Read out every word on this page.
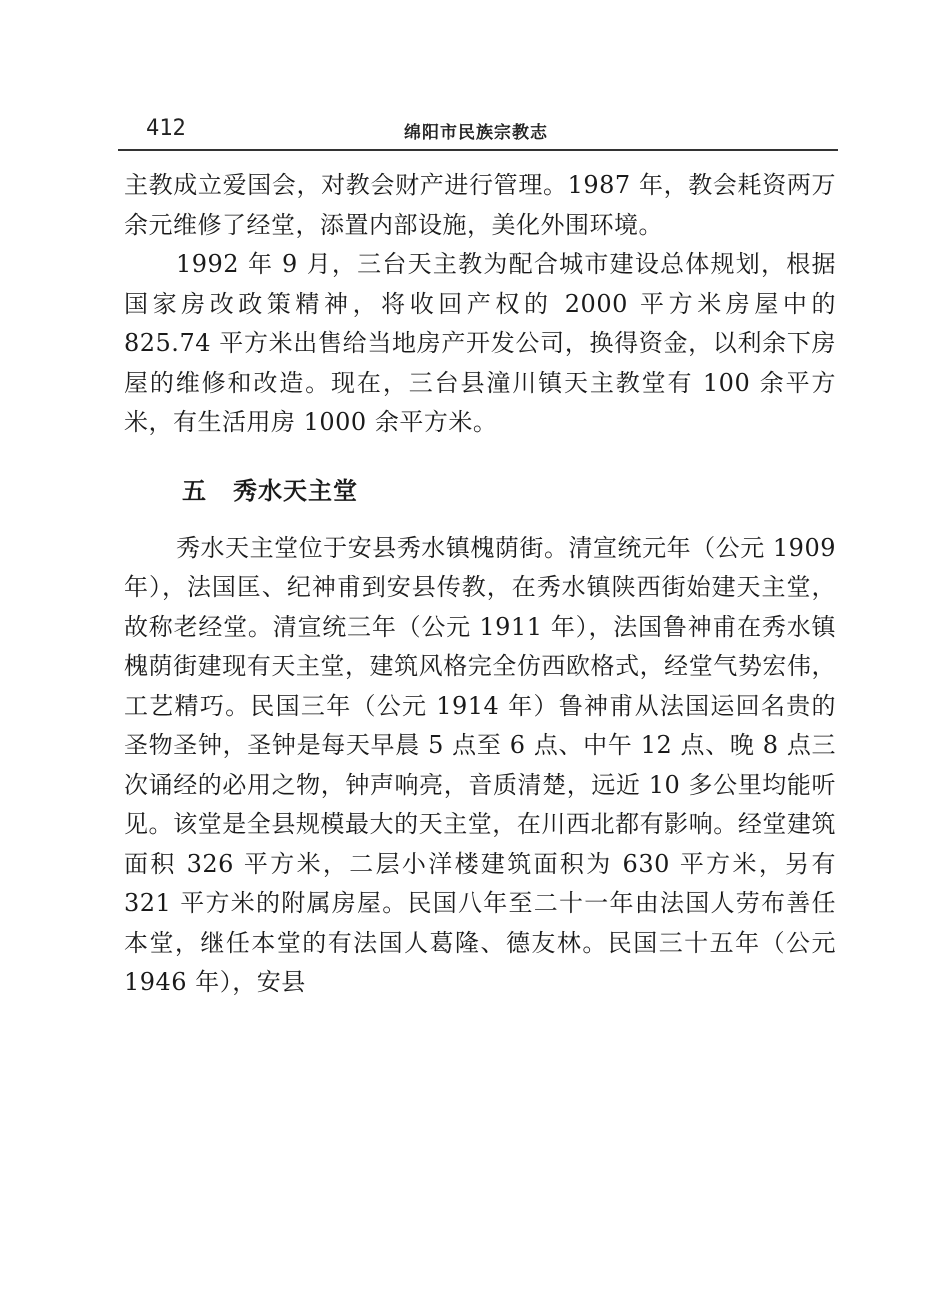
412	绵阳市民族宗教志

主教成立爱国会，对教会财产进行管理。1987 年，教会耗资两万余元维修了经堂，添置内部设施，美化外围环境。

1992 年 9 月，三台天主教为配合城市建设总体规划，根据国家房改政策精神，将收回产权的 2000 平方米房屋中的 825.74 平方米出售给当地房产开发公司，换得资金，以利余下房屋的维修和改造。现在，三台县潼川镇天主教堂有 100 余平方米，有生活用房 1000 余平方米。

五 秀水天主堂

秀水天主堂位于安县秀水镇槐荫街。清宣统元年（公元 1909 年），法国匡、纪神甫到安县传教，在秀水镇陕西街始建天主堂，故称老经堂。清宣统三年（公元 1911 年），法国鲁神甫在秀水镇槐荫街建现有天主堂，建筑风格完全仿西欧格式，经堂气势宏伟，工艺精巧。民国三年（公元 1914 年）鲁神甫从法国运回名贵的圣物圣钟，圣钟是每天早晨 5 点至 6 点、中午 12 点、晚 8 点三次诵经的必用之物，钟声响亮，音质清楚，远近 10 多公里均能听见。该堂是全县规模最大的天主堂，在川西北都有影响。经堂建筑面积 326 平方米，二层小洋楼建筑面积为 630 平方米，另有 321 平方米的附属房屋。民国八年至二十一年由法国人劳布善任本堂，继任本堂的有法国人葛隆、德友林。民国三十五年（公元 1946 年），安县
